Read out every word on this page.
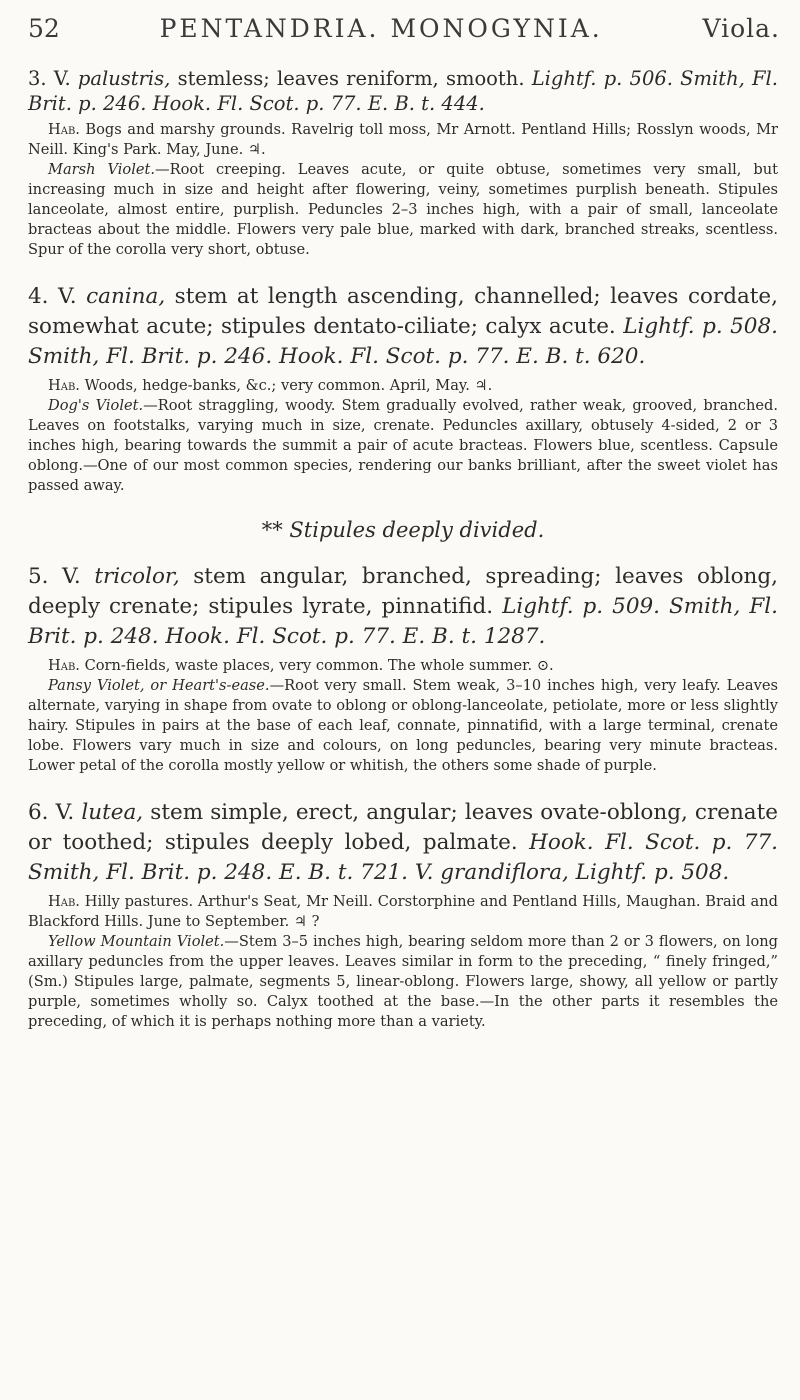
52	PENTANDRIA. MONOGYNIA.	Viola.

3. V. palustris, stemless; leaves reniform, smooth. Lightf. p. 506. Smith, Fl. Brit. p. 246. Hook. Fl. Scot. p. 77. E. B. t. 444.

Hab. Bogs and marshy grounds. Ravelrig toll moss, Mr Arnott. Pentland Hills; Rosslyn woods, Mr Neill. King's Park. May, June. ♃.

Marsh Violet.—Root creeping. Leaves acute, or quite obtuse, sometimes very small, but increasing much in size and height after flowering, veiny, sometimes purplish beneath. Stipules lanceolate, almost entire, purplish. Peduncles 2–3 inches high, with a pair of small, lanceolate bracteas about the middle. Flowers very pale blue, marked with dark, branched streaks, scentless. Spur of the corolla very short, obtuse.

4. V. canina, stem at length ascending, channelled; leaves cordate, somewhat acute; stipules dentato-ciliate; calyx acute. Lightf. p. 508. Smith, Fl. Brit. p. 246. Hook. Fl. Scot. p. 77. E. B. t. 620.

Hab. Woods, hedge-banks, &c.; very common. April, May. ♃.

Dog's Violet.—Root straggling, woody. Stem gradually evolved, rather weak, grooved, branched. Leaves on footstalks, varying much in size, crenate. Peduncles axillary, obtusely 4-sided, 2 or 3 inches high, bearing towards the summit a pair of acute bracteas. Flowers blue, scentless. Capsule oblong.—One of our most common species, rendering our banks brilliant, after the sweet violet has passed away.

** Stipules deeply divided.

5. V. tricolor, stem angular, branched, spreading; leaves oblong, deeply crenate; stipules lyrate, pinnatifid. Lightf. p. 509. Smith, Fl. Brit. p. 248. Hook. Fl. Scot. p. 77. E. B. t. 1287.

Hab. Corn-fields, waste places, very common. The whole summer. ⊙.

Pansy Violet, or Heart's-ease.—Root very small. Stem weak, 3–10 inches high, very leafy. Leaves alternate, varying in shape from ovate to oblong or oblong-lanceolate, petiolate, more or less slightly hairy. Stipules in pairs at the base of each leaf, connate, pinnatifid, with a large terminal, crenate lobe. Flowers vary much in size and colours, on long peduncles, bearing very minute bracteas. Lower petal of the corolla mostly yellow or whitish, the others some shade of purple.

6. V. lutea, stem simple, erect, angular; leaves ovate-oblong, crenate or toothed; stipules deeply lobed, palmate. Hook. Fl. Scot. p. 77. Smith, Fl. Brit. p. 248. E. B. t. 721. V. grandiflora, Lightf. p. 508.

Hab. Hilly pastures. Arthur's Seat, Mr Neill. Corstorphine and Pentland Hills, Maughan. Braid and Blackford Hills. June to September. ♃ ?

Yellow Mountain Violet.—Stem 3–5 inches high, bearing seldom more than 2 or 3 flowers, on long axillary peduncles from the upper leaves. Leaves similar in form to the preceding, “ finely fringed,” (Sm.) Stipules large, palmate, segments 5, linear-oblong. Flowers large, showy, all yellow or partly purple, sometimes wholly so. Calyx toothed at the base.—In the other parts it resembles the preceding, of which it is perhaps nothing more than a variety.
